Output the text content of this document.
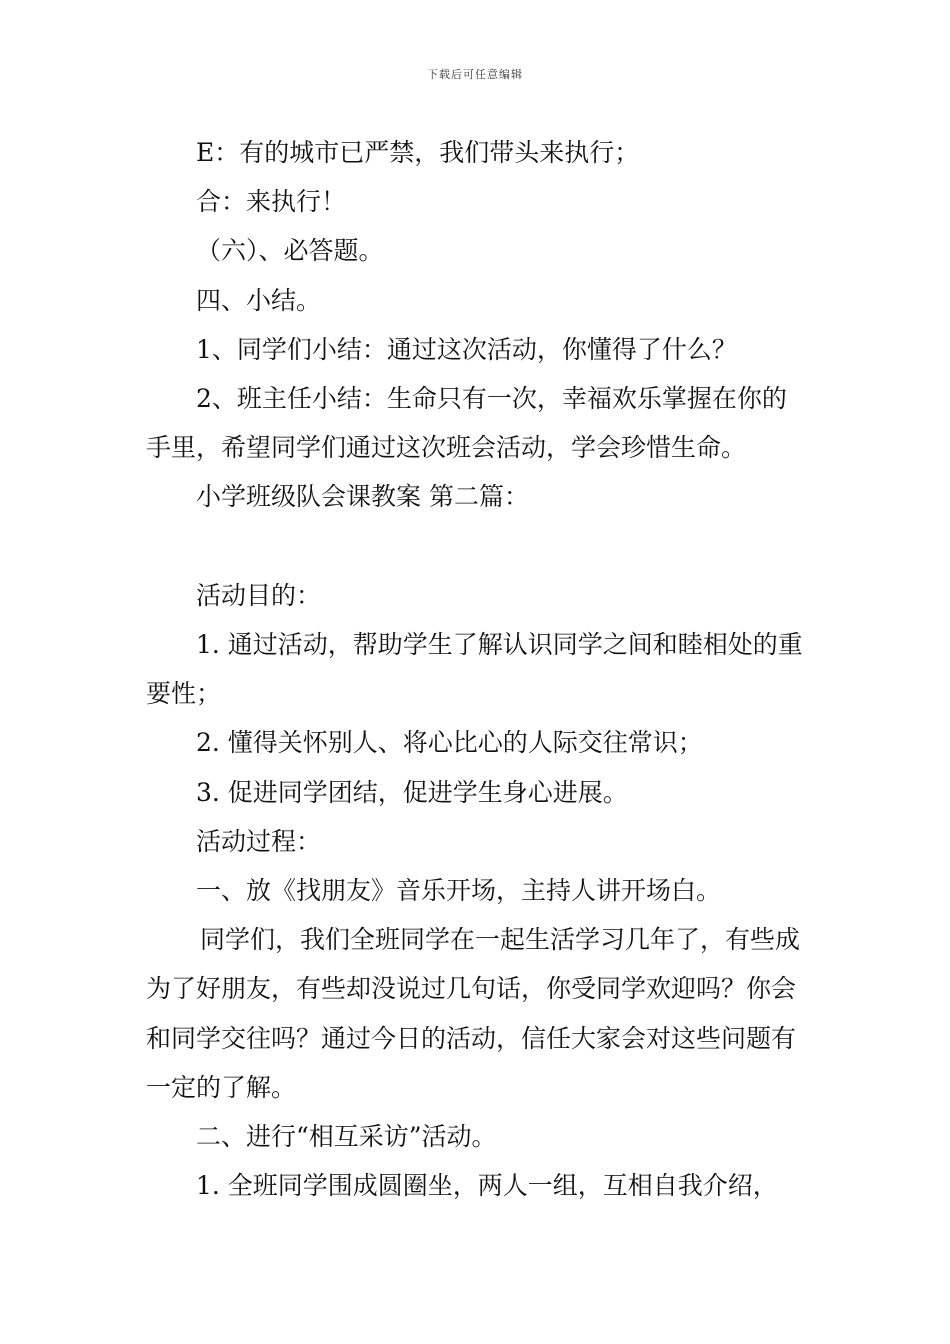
下载后可任意编辑

E：有的城市已严禁，我们带头来执行；

合：来执行！

（六）、必答题。

四、小结。

1、同学们小结：通过这次活动，你懂得了什么？

2、班主任小结：生命只有一次，幸福欢乐掌握在你的手里，希望同学们通过这次班会活动，学会珍惜生命。

小学班级队会课教案 第二篇：

活动目的：

1. 通过活动，帮助学生了解认识同学之间和睦相处的重要性；

2. 懂得关怀别人、将心比心的人际交往常识；

3. 促进同学团结，促进学生身心进展。

活动过程：

一、放《找朋友》音乐开场，主持人讲开场白。

同学们，我们全班同学在一起生活学习几年了，有些成为了好朋友，有些却没说过几句话，你受同学欢迎吗？你会和同学交往吗？通过今日的活动，信任大家会对这些问题有一定的了解。

二、进行“相互采访”活动。

1. 全班同学围成圆圈坐，两人一组，互相自我介绍，
